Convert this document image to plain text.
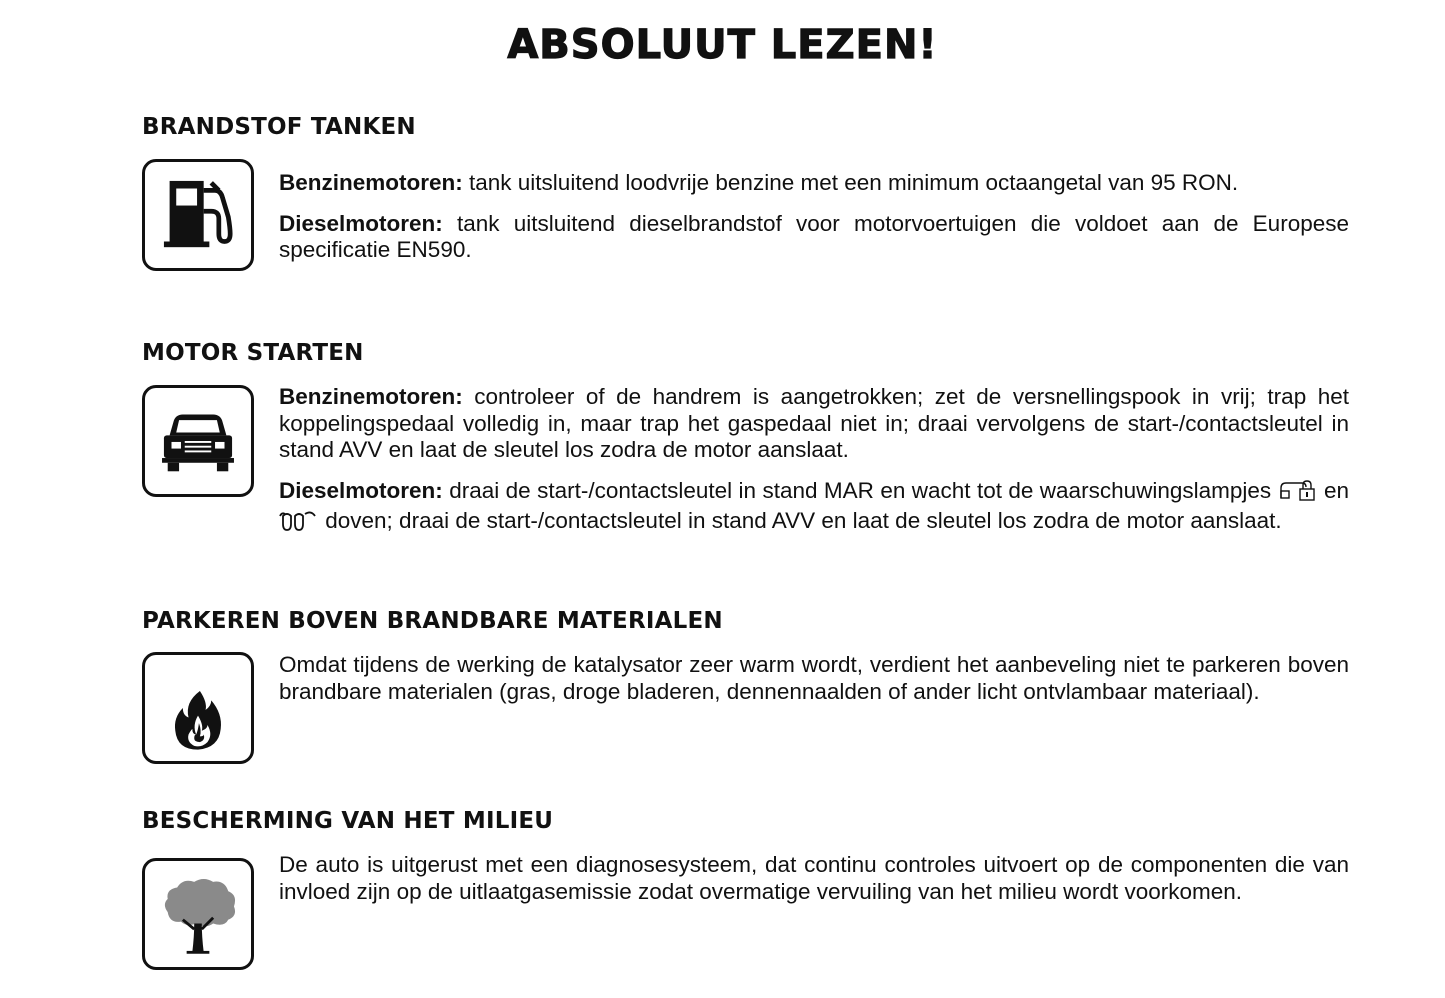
ABSOLUUT LEZEN!
BRANDSTOF TANKEN

Benzinemotoren: tank uitsluitend loodvrije benzine met een minimum octaangetal van 95 RON.

Dieselmotoren: tank uitsluitend dieselbrandstof voor motorvoertuigen die voldoet aan de Europese specificatie EN590.

MOTOR STARTEN

Benzinemotoren: controleer of de handrem is aangetrokken; zet de versnellingspook in vrij; trap het koppelingspedaal volledig in, maar trap het gaspedaal niet in; draai vervolgens de start-/contactsleutel in stand AVV en laat de sleutel los zodra de motor aanslaat.

Dieselmotoren: draai de start-/contactsleutel in stand MAR en wacht tot de waarschuwingslampjes  en  doven; draai de start-/contactsleutel in stand AVV en laat de sleutel los zodra de motor aanslaat.

PARKEREN BOVEN BRANDBARE MATERIALEN

Omdat tijdens de werking de katalysator zeer warm wordt, verdient het aanbeveling niet te parkeren boven brandbare materialen (gras, droge bladeren, dennennaalden of ander licht ontvlambaar materiaal).

BESCHERMING VAN HET MILIEU

De auto is uitgerust met een diagnosesysteem, dat continu controles uitvoert op de componenten die van invloed zijn op de uitlaatgasemissie zodat overmatige vervuiling van het milieu wordt voorkomen.
